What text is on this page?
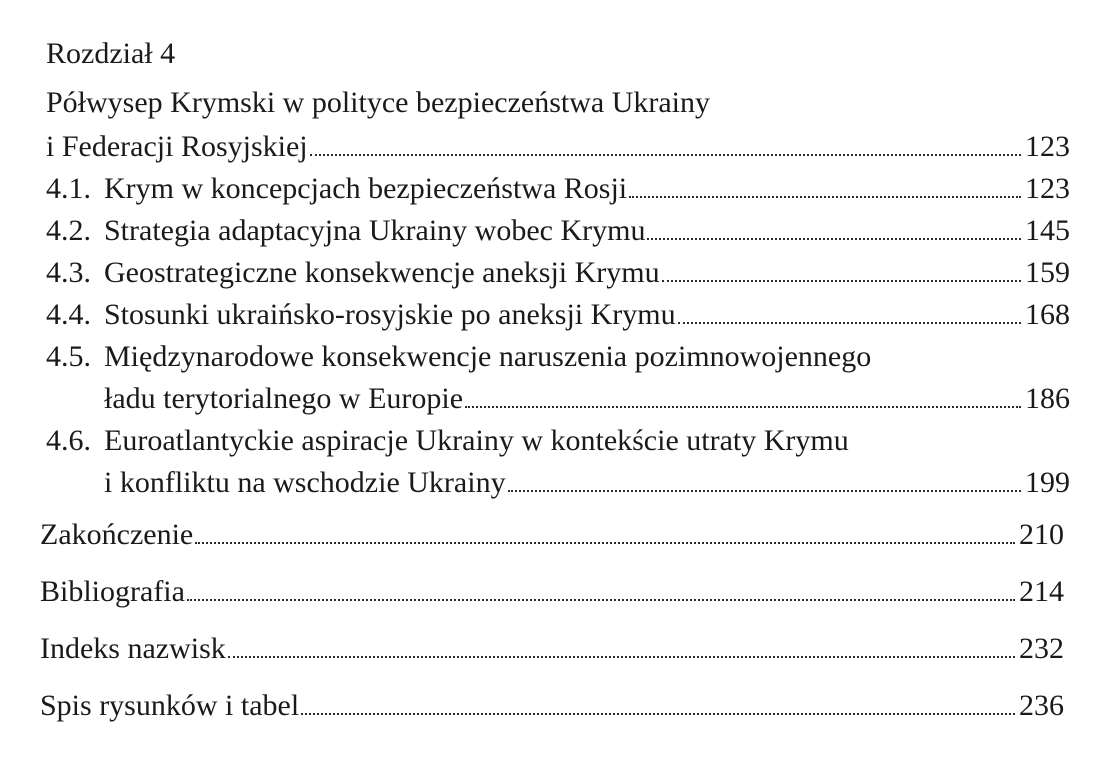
Rozdział 4
Półwysep Krymski w polityce bezpieczeństwa Ukrainy
i Federacji Rosyjskiej	123
4.1. Krym w koncepcjach bezpieczeństwa Rosji	123
4.2. Strategia adaptacyjna Ukrainy wobec Krymu	145
4.3. Geostrategiczne konsekwencje aneksji Krymu	159
4.4. Stosunki ukraińsko-rosyjskie po aneksji Krymu	168
4.5. Międzynarodowe konsekwencje naruszenia pozimnowojennego
ładu terytorialnego w Europie	186
4.6. Euroatlantyckie aspiracje Ukrainy w kontekście utraty Krymu
i konfliktu na wschodzie Ukrainy	199
Zakończenie	210
Bibliografia	214
Indeks nazwisk	232
Spis rysunków i tabel	236
